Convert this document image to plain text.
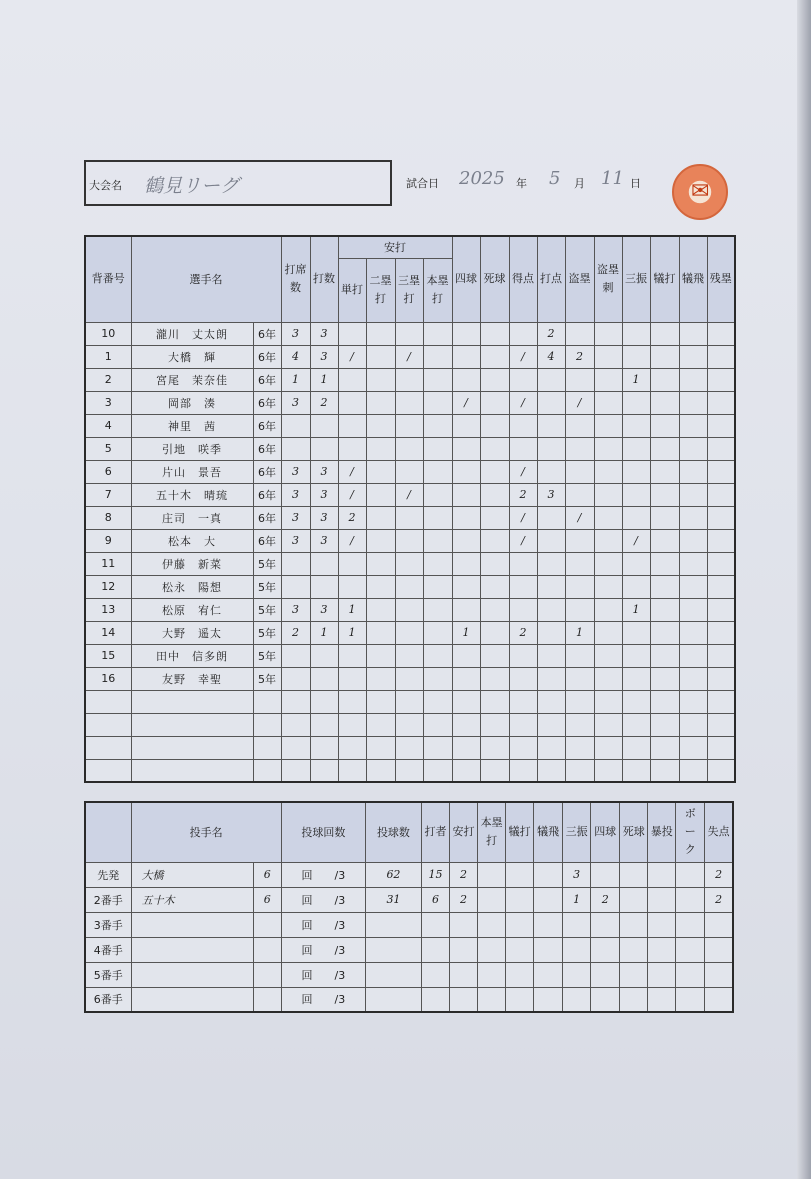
大会名 鶴見リーグ	試合日 2025 年 5 月 11 日 ✉
背番号	選手名		打席数	打数	安打				四球	死球	得点	打点	盗塁	盗塁刺	三振	犠打	犠飛	残塁

					単打	二塁打	三塁打	本塁打										

10	瀧川　丈太朗	6年	3	3								2						
1	大橋　輝	6年	4	3	/		/				/	4	2					
2	宮尾　茉奈佳	6年	1	1											1			
3	岡部　湊	6年	3	2					/		/		/					
4	神里　茜	6年																
5	引地　咲季	6年																
6	片山　景吾	6年	3	3	/						/							
7	五十木　晴琉	6年	3	3	/		/				2	3						
8	庄司　一真	6年	3	3	2						/		/					
9	松本　大	6年	3	3	/						/				/			
11	伊藤　新菜	5年																
12	松永　陽想	5年																
13	松原　宥仁	5年	3	3	1										1			
14	大野　遥太	5年	2	1	1				1		2		1					
15	田中　信多朗	5年																
16	友野　幸聖	5年																

	投手名		投球回数	投球数	打者	安打	本塁打	犠打	犠飛	三振	四球	死球	暴投	ボーク	失点

先発	大橋	6	回 /3	62	15	2				3					2
2番手	五十木	6	回 /3	31	6	2				1	2				2
3番手			回 /3												
4番手			回 /3												
5番手			回 /3												
6番手			回 /3												
